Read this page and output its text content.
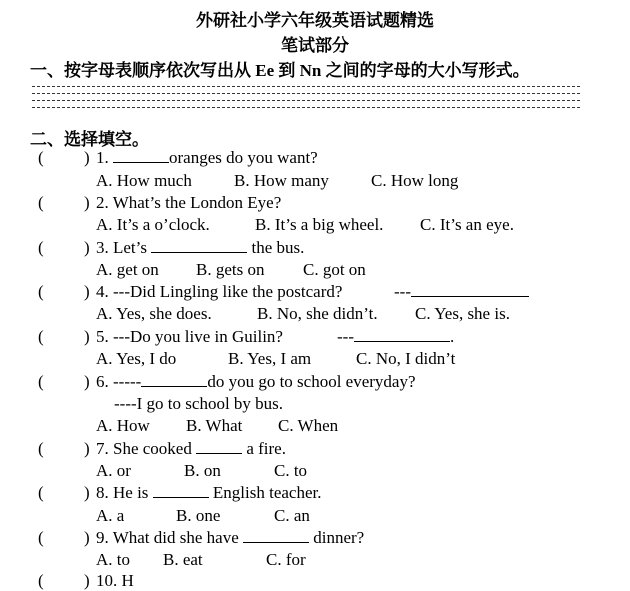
外研社小学六年级英语试题精选
笔试部分
一、按字母表顺序依次写出从 Ee 到 Nn 之间的字母的大小写形式。
二、选择填空。
( ) 1.	oranges do you want?
A. How much B. How many C. How long
( ) 2. What’s the London Eye?
A. It’s a o’clock.	B. It’s a big wheel. C. It’s an eye.
( ) 3. Let’s	the bus.
A. get on B. gets on C. got on
( ) 4. ---Did Lingling like the postcard?	---
A. Yes, she does.	B. No, she didn’t. C. Yes, she is.
( ) 5. ---Do you live in Guilin?	---	.
A. Yes, I do	B. Yes, I am	C. No, I didn’t
( ) 6. -----	do you go to school everyday?
----I go to school by bus.
A. How B. What C. When
( ) 7. She cooked	a fire.
A. or	B. on	C. to
( ) 8. He is	English teacher.
A. a	B. one	C. an
( ) 9. What did she have	dinner?
A. to B. eat	C. for
( ) 10. H
